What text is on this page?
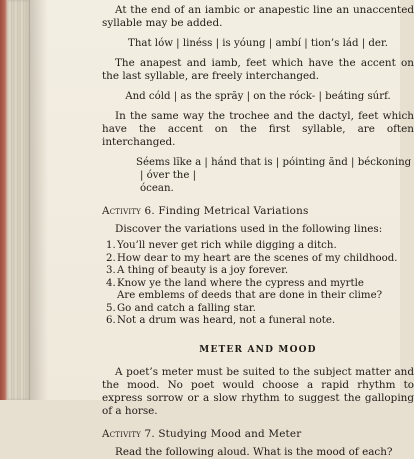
At the end of an iambic or anapestic line an unaccented syllable may be added.

That lów | linéss | is yóung | ambí | tion’s lád | der.

The anapest and iamb, feet which have the accent on the last syllable, are freely interchanged.

And cóld | as the sprăy | on the róck- | beáting súrf.

In the same way the trochee and the dactyl, feet which have the accent on the first syllable, are often interchanged.

Séems lĭke a | hánd that is | póinting ănd | béckoning | óver the |
ócean.

Activity 6. Finding Metrical Variations

Discover the variations used in the following lines:

1.You’ll never get rich while digging a ditch.
2.How dear to my heart are the scenes of my childhood.
3.A thing of beauty is a joy forever.
4.Know ye the land where the cypress and myrtle
Are emblems of deeds that are done in their clime?
5.Go and catch a falling star.
6.Not a drum was heard, not a funeral note.

METER AND MOOD

A poet’s meter must be suited to the subject matter and the mood. No poet would choose a rapid rhythm to express sorrow or a slow rhythm to suggest the galloping of a horse.

Activity 7. Studying Mood and Meter

Read the following aloud. What is the mood of each?
